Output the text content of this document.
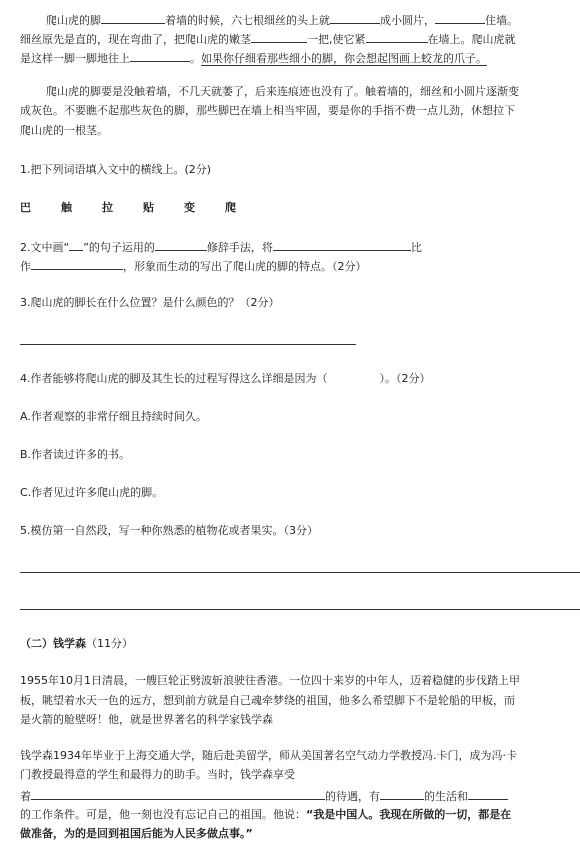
爬山虎的脚	着墙的时候，六七根细丝的头上就	成小圆片，	住墙。
细丝原先是直的，现在弯曲了，把爬山虎的嫩茎	一把,使它紧	在墙上。爬山虎就
是这样一脚一脚地往上	。如果你仔细看那些细小的脚，你会想起图画上蛟龙的爪子。
爬山虎的脚要是没触着墙，不几天就萎了，后来连痕迹也没有了。触着墙的，细丝和小圆片逐渐变
成灰色。不要瞧不起那些灰色的脚，那些脚巴在墙上相当牢固，要是你的手指不费一点儿劲，休想拉下
爬山虎的一根茎。
1.把下列词语填入文中的横线上。(2分)
巴	触	拉	贴	变	爬
2.文中画“ ”的句子运用的	修辞手法，将	比
作	，形象而生动的写出了爬山虎的脚的特点。（2分）
3.爬山虎的脚长在什么位置？是什么颜色的？（2分）
4.作者能够将爬山虎的脚及其生长的过程写得这么详细是因为（	）。（2分）
A.作者观察的非常仔细且持续时间久。
B.作者读过许多的书。
C.作者见过许多爬山虎的脚。
5.模仿第一自然段，写一种你熟悉的植物花或者果实。（3分）
（二）钱学森（11分）
1955年10月1日清晨，一艘巨轮正劈波斩浪驶往香港。一位四十来岁的中年人，迈着稳健的步伐踏上甲
板，眺望着水天一色的远方，想到前方就是自己魂牵梦绕的祖国，他多么希望脚下不是轮船的甲板，而
是火箭的舱壁呀！他，就是世界著名的科学家钱学森
钱学森1934年毕业于上海交通大学，随后赴美留学，师从美国著名空气动力学教授冯.卡门，成为冯·卡
门教授最得意的学生和最得力的助手。当时，钱学森享受
着	的待遇，有	的生活和
的工作条件。可是，他一刻也没有忘记自己的祖国。他说：“我是中国人。我现在所做的一切，都是在
做准备，为的是回到祖国后能为人民多做点事。”
